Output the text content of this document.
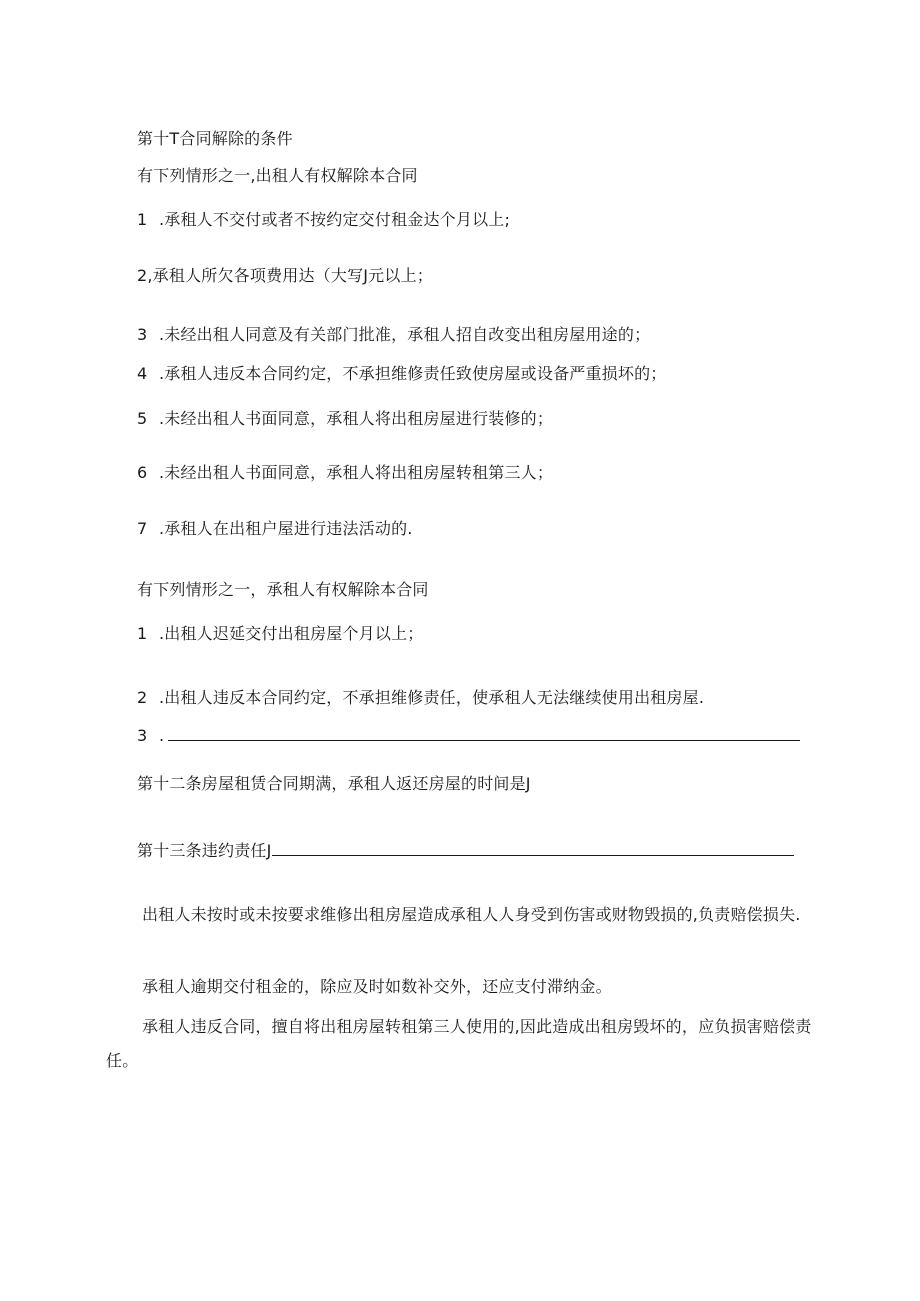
第十T合同解除的条件
有下列情形之一,出租人有权解除本合同
1 .承租人不交付或者不按约定交付租金达个月以上;
2,承租人所欠各项费用达（大写J元以上；
3 .未经出租人同意及有关部门批准，承租人招自改变出租房屋用途的；
4 .承租人违反本合同约定，不承担维修责任致使房屋或设备严重损坏的；
5 .未经出租人书面同意，承租人将出租房屋进行装修的；
6 .未经出租人书面同意，承租人将出租房屋转租第三人；
7 .承租人在出租户屋进行违法活动的.
有下列情形之一，承租人有权解除本合同
1 .出租人迟延交付出租房屋个月以上；
2 .出租人违反本合同约定，不承担维修责任，使承租人无法继续使用出租房屋.
3 .
第十二条房屋租赁合同期满，承租人返还房屋的时间是J
第十三条违约责任J
出租人未按时或未按要求维修出租房屋造成承租人人身受到伤害或财物毁损的,负责赔偿损失.
承租人逾期交付租金的，除应及时如数补交外，还应支付滞纳金。
承租人违反合同，擅自将出租房屋转租第三人使用的,因此造成出租房毁坏的，应负损害赔偿责任。
